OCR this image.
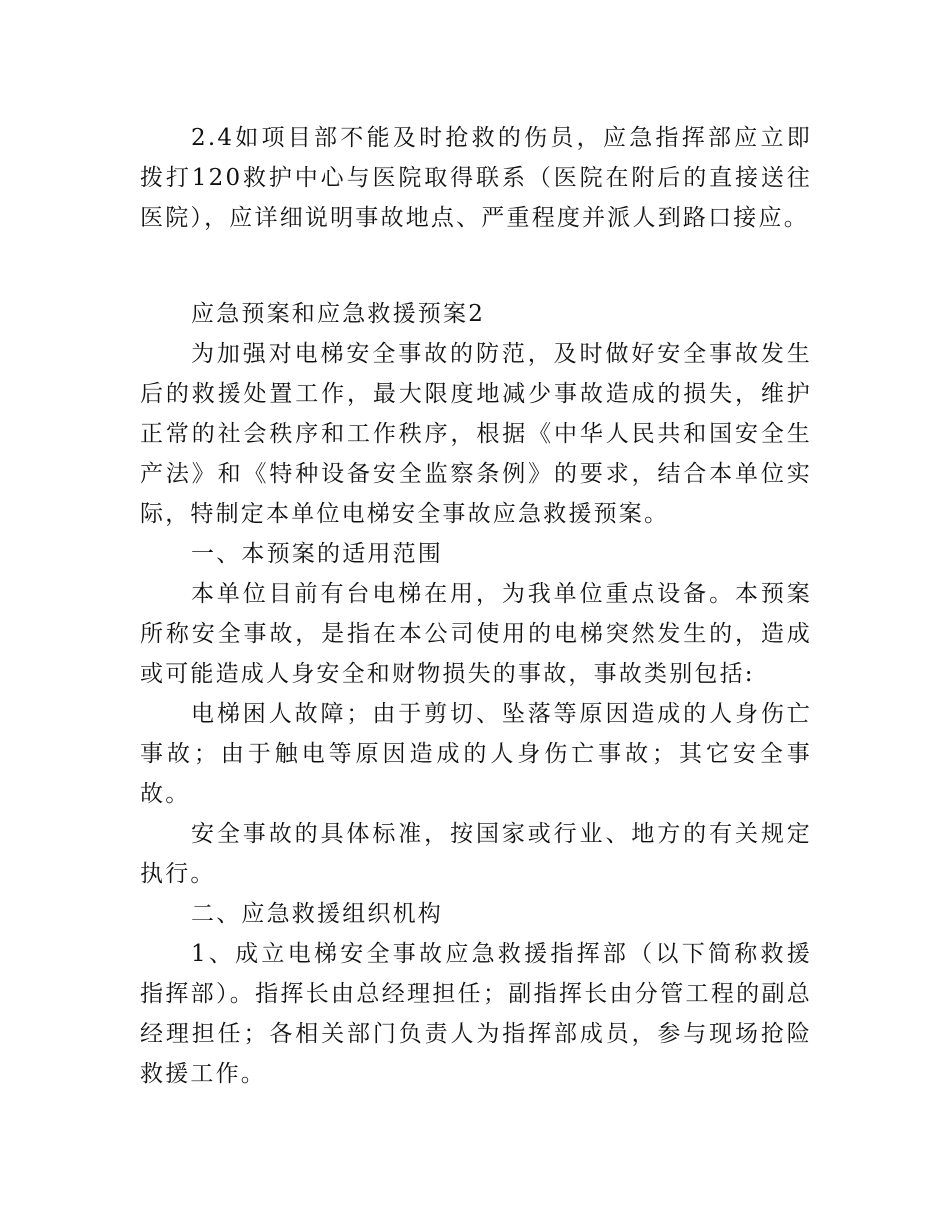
2.4如项目部不能及时抢救的伤员，应急指挥部应立即拨打120救护中心与医院取得联系（医院在附后的直接送往医院），应详细说明事故地点、严重程度并派人到路口接应。

应急预案和应急救援预案2

为加强对电梯安全事故的防范，及时做好安全事故发生后的救援处置工作，最大限度地减少事故造成的损失，维护正常的社会秩序和工作秩序，根据《中华人民共和国安全生产法》和《特种设备安全监察条例》的要求，结合本单位实际，特制定本单位电梯安全事故应急救援预案。

一、本预案的适用范围

本单位目前有台电梯在用，为我单位重点设备。本预案所称安全事故，是指在本公司使用的电梯突然发生的，造成或可能造成人身安全和财物损失的事故，事故类别包括:

电梯困人故障；由于剪切、坠落等原因造成的人身伤亡事故；由于触电等原因造成的人身伤亡事故；其它安全事故。

安全事故的具体标准，按国家或行业、地方的有关规定执行。

二、应急救援组织机构

1、成立电梯安全事故应急救援指挥部（以下简称救援指挥部）。指挥长由总经理担任；副指挥长由分管工程的副总经理担任；各相关部门负责人为指挥部成员，参与现场抢险救援工作。
